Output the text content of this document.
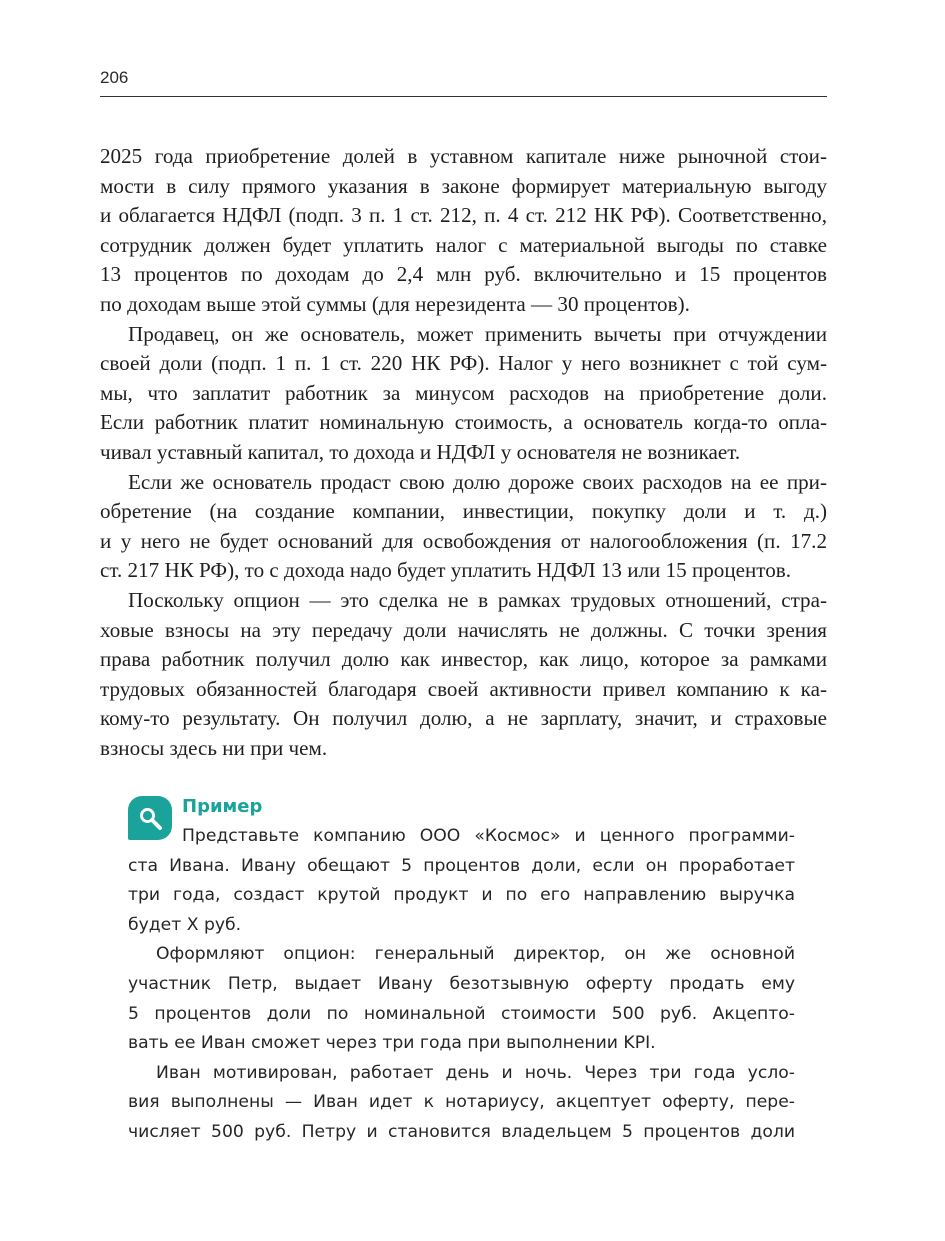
206
2025 года приобретение долей в уставном капитале ниже рыночной стои-
мости в силу прямого указания в законе формирует материальную выгоду
и облагается НДФЛ (подп. 3 п. 1 ст. 212, п. 4 ст. 212 НК РФ). Соответственно,
сотрудник должен будет уплатить налог с материальной выгоды по ставке
13 процентов по доходам до 2,4 млн руб. включительно и 15 процентов
по доходам выше этой суммы (для нерезидента — 30 процентов).
Продавец, он же основатель, может применить вычеты при отчуждении
своей доли (подп. 1 п. 1 ст. 220 НК РФ). Налог у него возникнет с той сум-
мы, что заплатит работник за минусом расходов на приобретение доли.
Если работник платит номинальную стоимость, а основатель когда-то опла-
чивал уставный капитал, то дохода и НДФЛ у основателя не возникает.
Если же основатель продаст свою долю дороже своих расходов на ее при-
обретение (на создание компании, инвестиции, покупку доли и т. д.)
и у него не будет оснований для освобождения от налогообложения (п. 17.2
ст. 217 НК РФ), то с дохода надо будет уплатить НДФЛ 13 или 15 процентов.
Поскольку опцион — это сделка не в рамках трудовых отношений, стра-
ховые взносы на эту передачу доли начислять не должны. С точки зрения
права работник получил долю как инвестор, как лицо, которое за рамками
трудовых обязанностей благодаря своей активности привел компанию к ка-
кому-то результату. Он получил долю, а не зарплату, значит, и страховые
взносы здесь ни при чем.
Пример
Представьте компанию ООО «Космос» и ценного программи-
ста Ивана. Ивану обещают 5 процентов доли, если он проработает
три года, создаст крутой продукт и по его направлению выручка
будет Х руб.
Оформляют опцион: генеральный директор, он же основной
участник Петр, выдает Ивану безотзывную оферту продать ему
5 процентов доли по номинальной стоимости 500 руб. Акцепто-
вать ее Иван сможет через три года при выполнении KPI.
Иван мотивирован, работает день и ночь. Через три года усло-
вия выполнены — Иван идет к нотариусу, акцептует оферту, пере-
числяет 500 руб. Петру и становится владельцем 5 процентов доли
